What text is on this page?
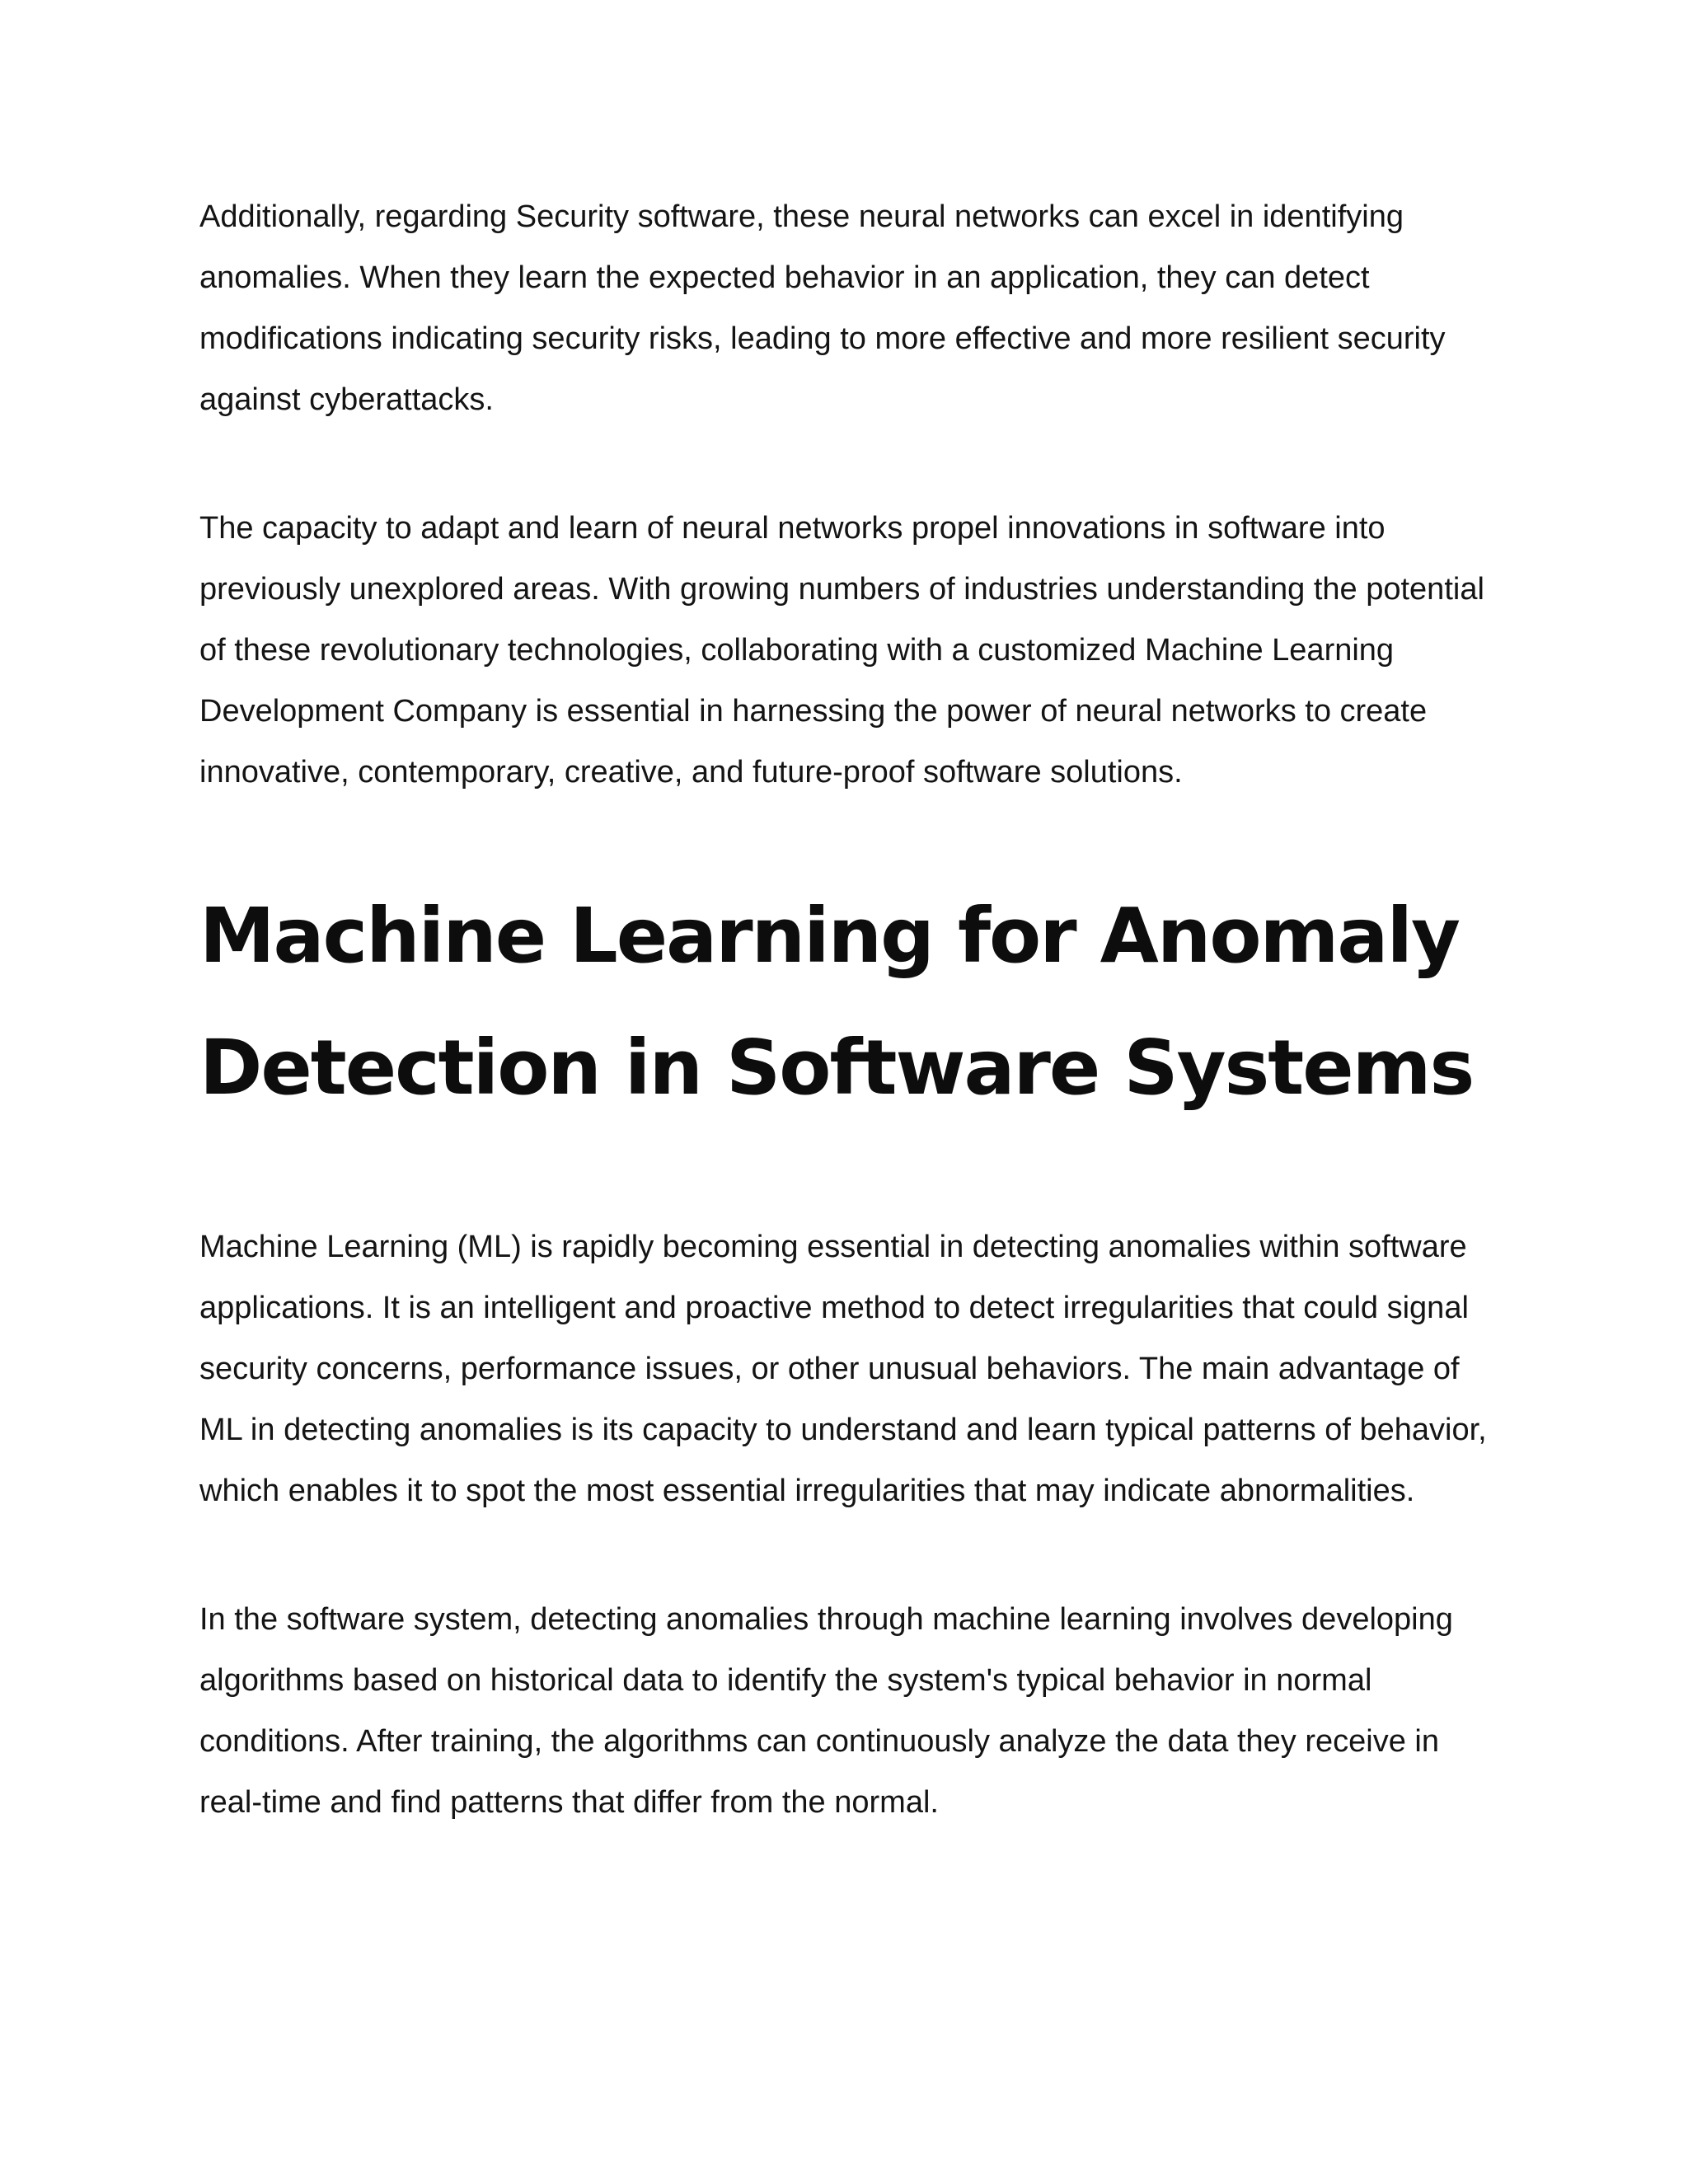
Additionally, regarding Security software, these neural networks can excel in identifying anomalies. When they learn the expected behavior in an application, they can detect modifications indicating security risks, leading to more effective and more resilient security against cyberattacks.

The capacity to adapt and learn of neural networks propel innovations in software into previously unexplored areas. With growing numbers of industries understanding the potential of these revolutionary technologies, collaborating with a customized Machine Learning Development Company is essential in harnessing the power of neural networks to create innovative, contemporary, creative, and future-proof software solutions.

Machine Learning for Anomaly
Detection in Software Systems

Machine Learning (ML) is rapidly becoming essential in detecting anomalies within software applications. It is an intelligent and proactive method to detect irregularities that could signal security concerns, performance issues, or other unusual behaviors. The main advantage of ML in detecting anomalies is its capacity to understand and learn typical patterns of behavior, which enables it to spot the most essential irregularities that may indicate abnormalities.

In the software system, detecting anomalies through machine learning involves developing algorithms based on historical data to identify the system's typical behavior in normal conditions. After training, the algorithms can continuously analyze the data they receive in real-time and find patterns that differ from the normal.
